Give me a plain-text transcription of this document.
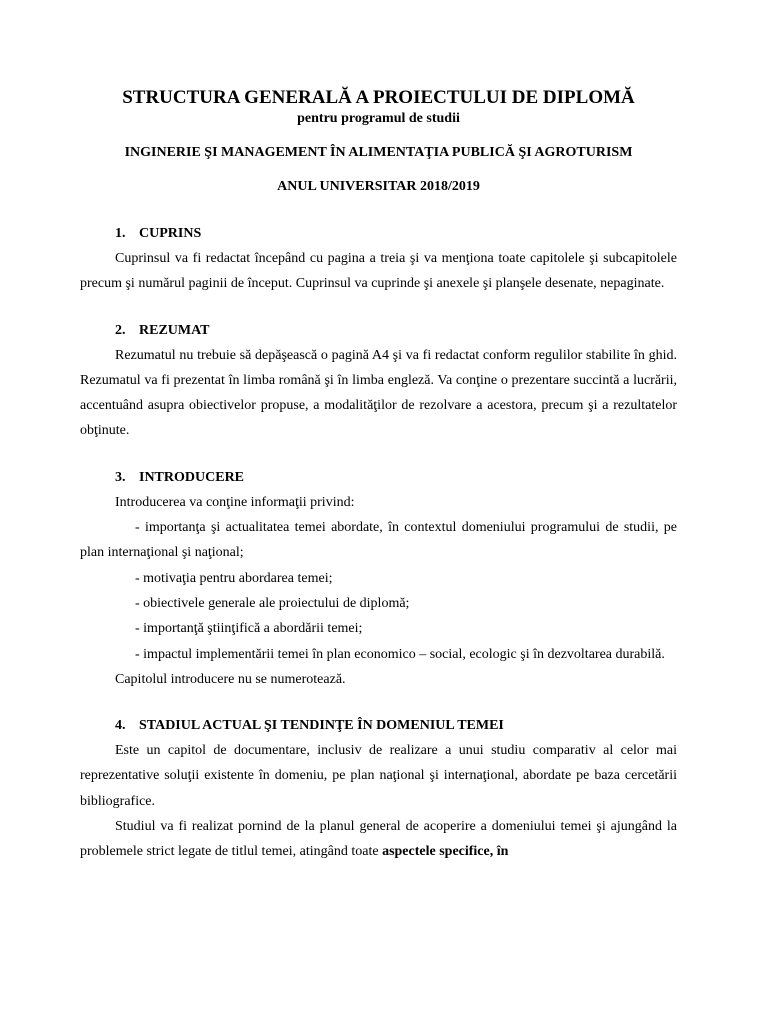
STRUCTURA GENERALĂ A PROIECTULUI DE DIPLOMĂ

pentru programul de studii

INGINERIE ŞI MANAGEMENT ÎN ALIMENTAŢIA PUBLICĂ ŞI AGROTURISM

ANUL UNIVERSITAR 2018/2019

1. CUPRINS

Cuprinsul va fi redactat începând cu pagina a treia şi va menţiona toate capitolele şi subcapitolele precum şi numărul paginii de început. Cuprinsul va cuprinde şi anexele şi planşele desenate, nepaginate.

2. REZUMAT

Rezumatul nu trebuie să depăşească o pagină A4 şi va fi redactat conform regulilor stabilite în ghid. Rezumatul va fi prezentat în limba română şi în limba engleză. Va conţine o prezentare succintă a lucrării, accentuând asupra obiectivelor propuse, a modalităţilor de rezolvare a acestora, precum şi a rezultatelor obţinute.

3. INTRODUCERE

Introducerea va conţine informaţii privind:

- importanţa şi actualitatea temei abordate, în contextul domeniului programului de studii, pe plan internaţional şi naţional;

- motivaţia pentru abordarea temei;

- obiectivele generale ale proiectului de diplomă;

- importanţă ştiinţifică a abordării temei;

- impactul implementării temei în plan economico – social, ecologic şi în dezvoltarea durabilă.

Capitolul introducere nu se numerotează.

4. STADIUL ACTUAL ŞI TENDINŢE ÎN DOMENIUL TEMEI

Este un capitol de documentare, inclusiv de realizare a unui studiu comparativ al celor mai reprezentative soluţii existente în domeniu, pe plan naţional şi internaţional, abordate pe baza cercetării bibliografice.

Studiul va fi realizat pornind de la planul general de acoperire a domeniului temei şi ajungând la problemele strict legate de titlul temei, atingând toate aspectele specifice, în
